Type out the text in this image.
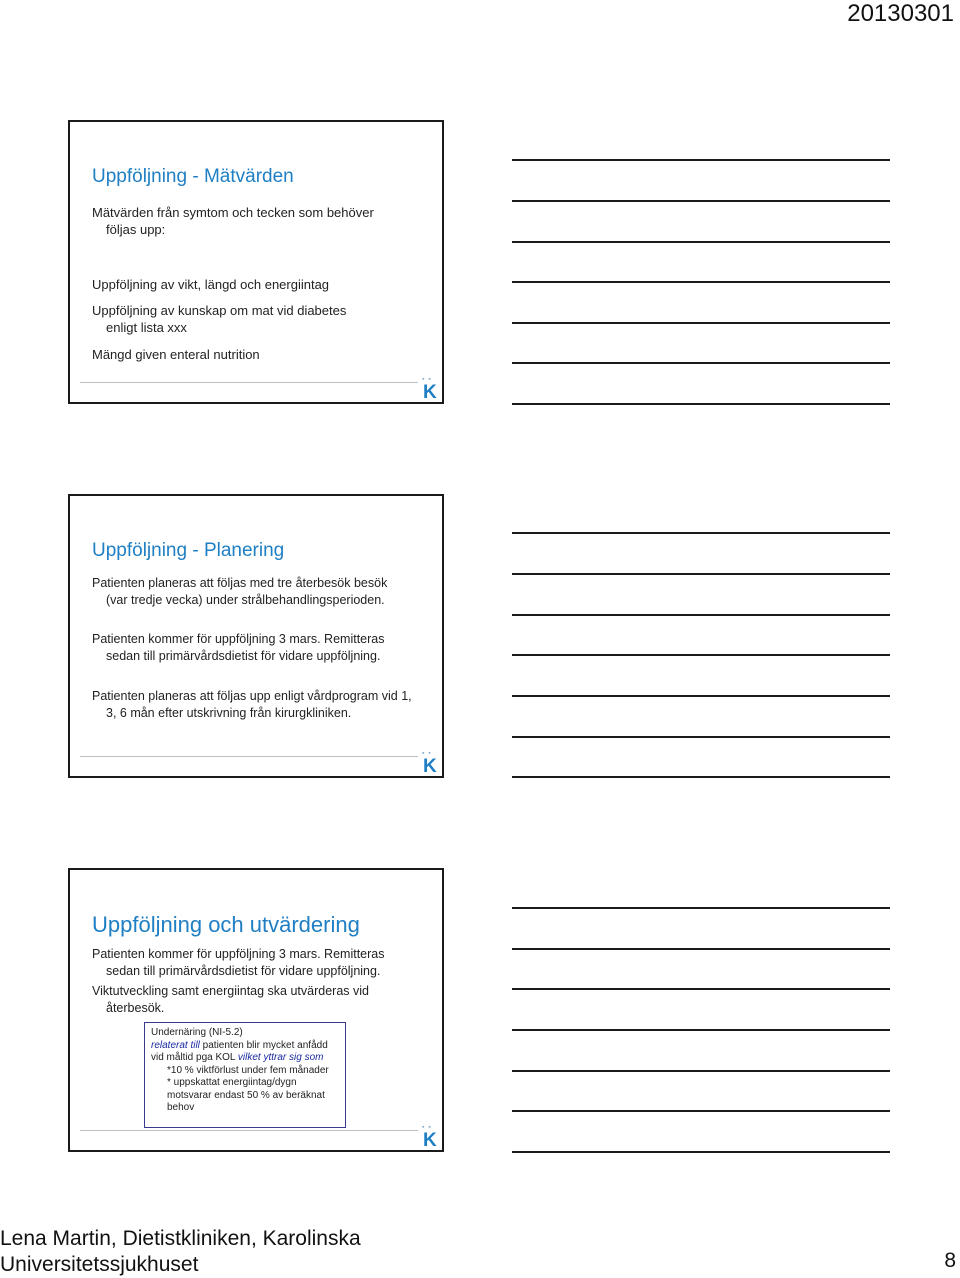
20130301
Uppföljning - Mätvärden
Mätvärden från symtom och tecken som behöver
följas upp:
Uppföljning av vikt, längd och energiintag
Uppföljning av kunskap om mat vid diabetes
enligt lista xxx
Mängd given enteral nutrition
▪ ▪
K
Uppföljning - Planering
Patienten planeras att följas med tre återbesök besök
(var tredje vecka) under strålbehandlingsperioden.
Patienten kommer för uppföljning 3 mars. Remitteras
sedan till primärvårdsdietist för vidare uppföljning.
Patienten planeras att följas upp enligt vårdprogram vid 1,
3, 6 mån efter utskrivning från kirurgkliniken.
▪ ▪
K
Uppföljning och utvärdering
Patienten kommer för uppföljning 3 mars. Remitteras
sedan till primärvårdsdietist för vidare uppföljning.
Viktutveckling samt energiintag ska utvärderas vid
återbesök.
Undernäring (NI-5.2)
relaterat till patienten blir mycket anfådd
vid måltid pga KOL vilket yttrar sig som
*10 % viktförlust under fem månader
* uppskattat energiintag/dygn
motsvarar endast 50 % av beräknat
behov
▪ ▪
K
Lena Martin, Dietistkliniken, Karolinska
Universitetssjukhuset	8
